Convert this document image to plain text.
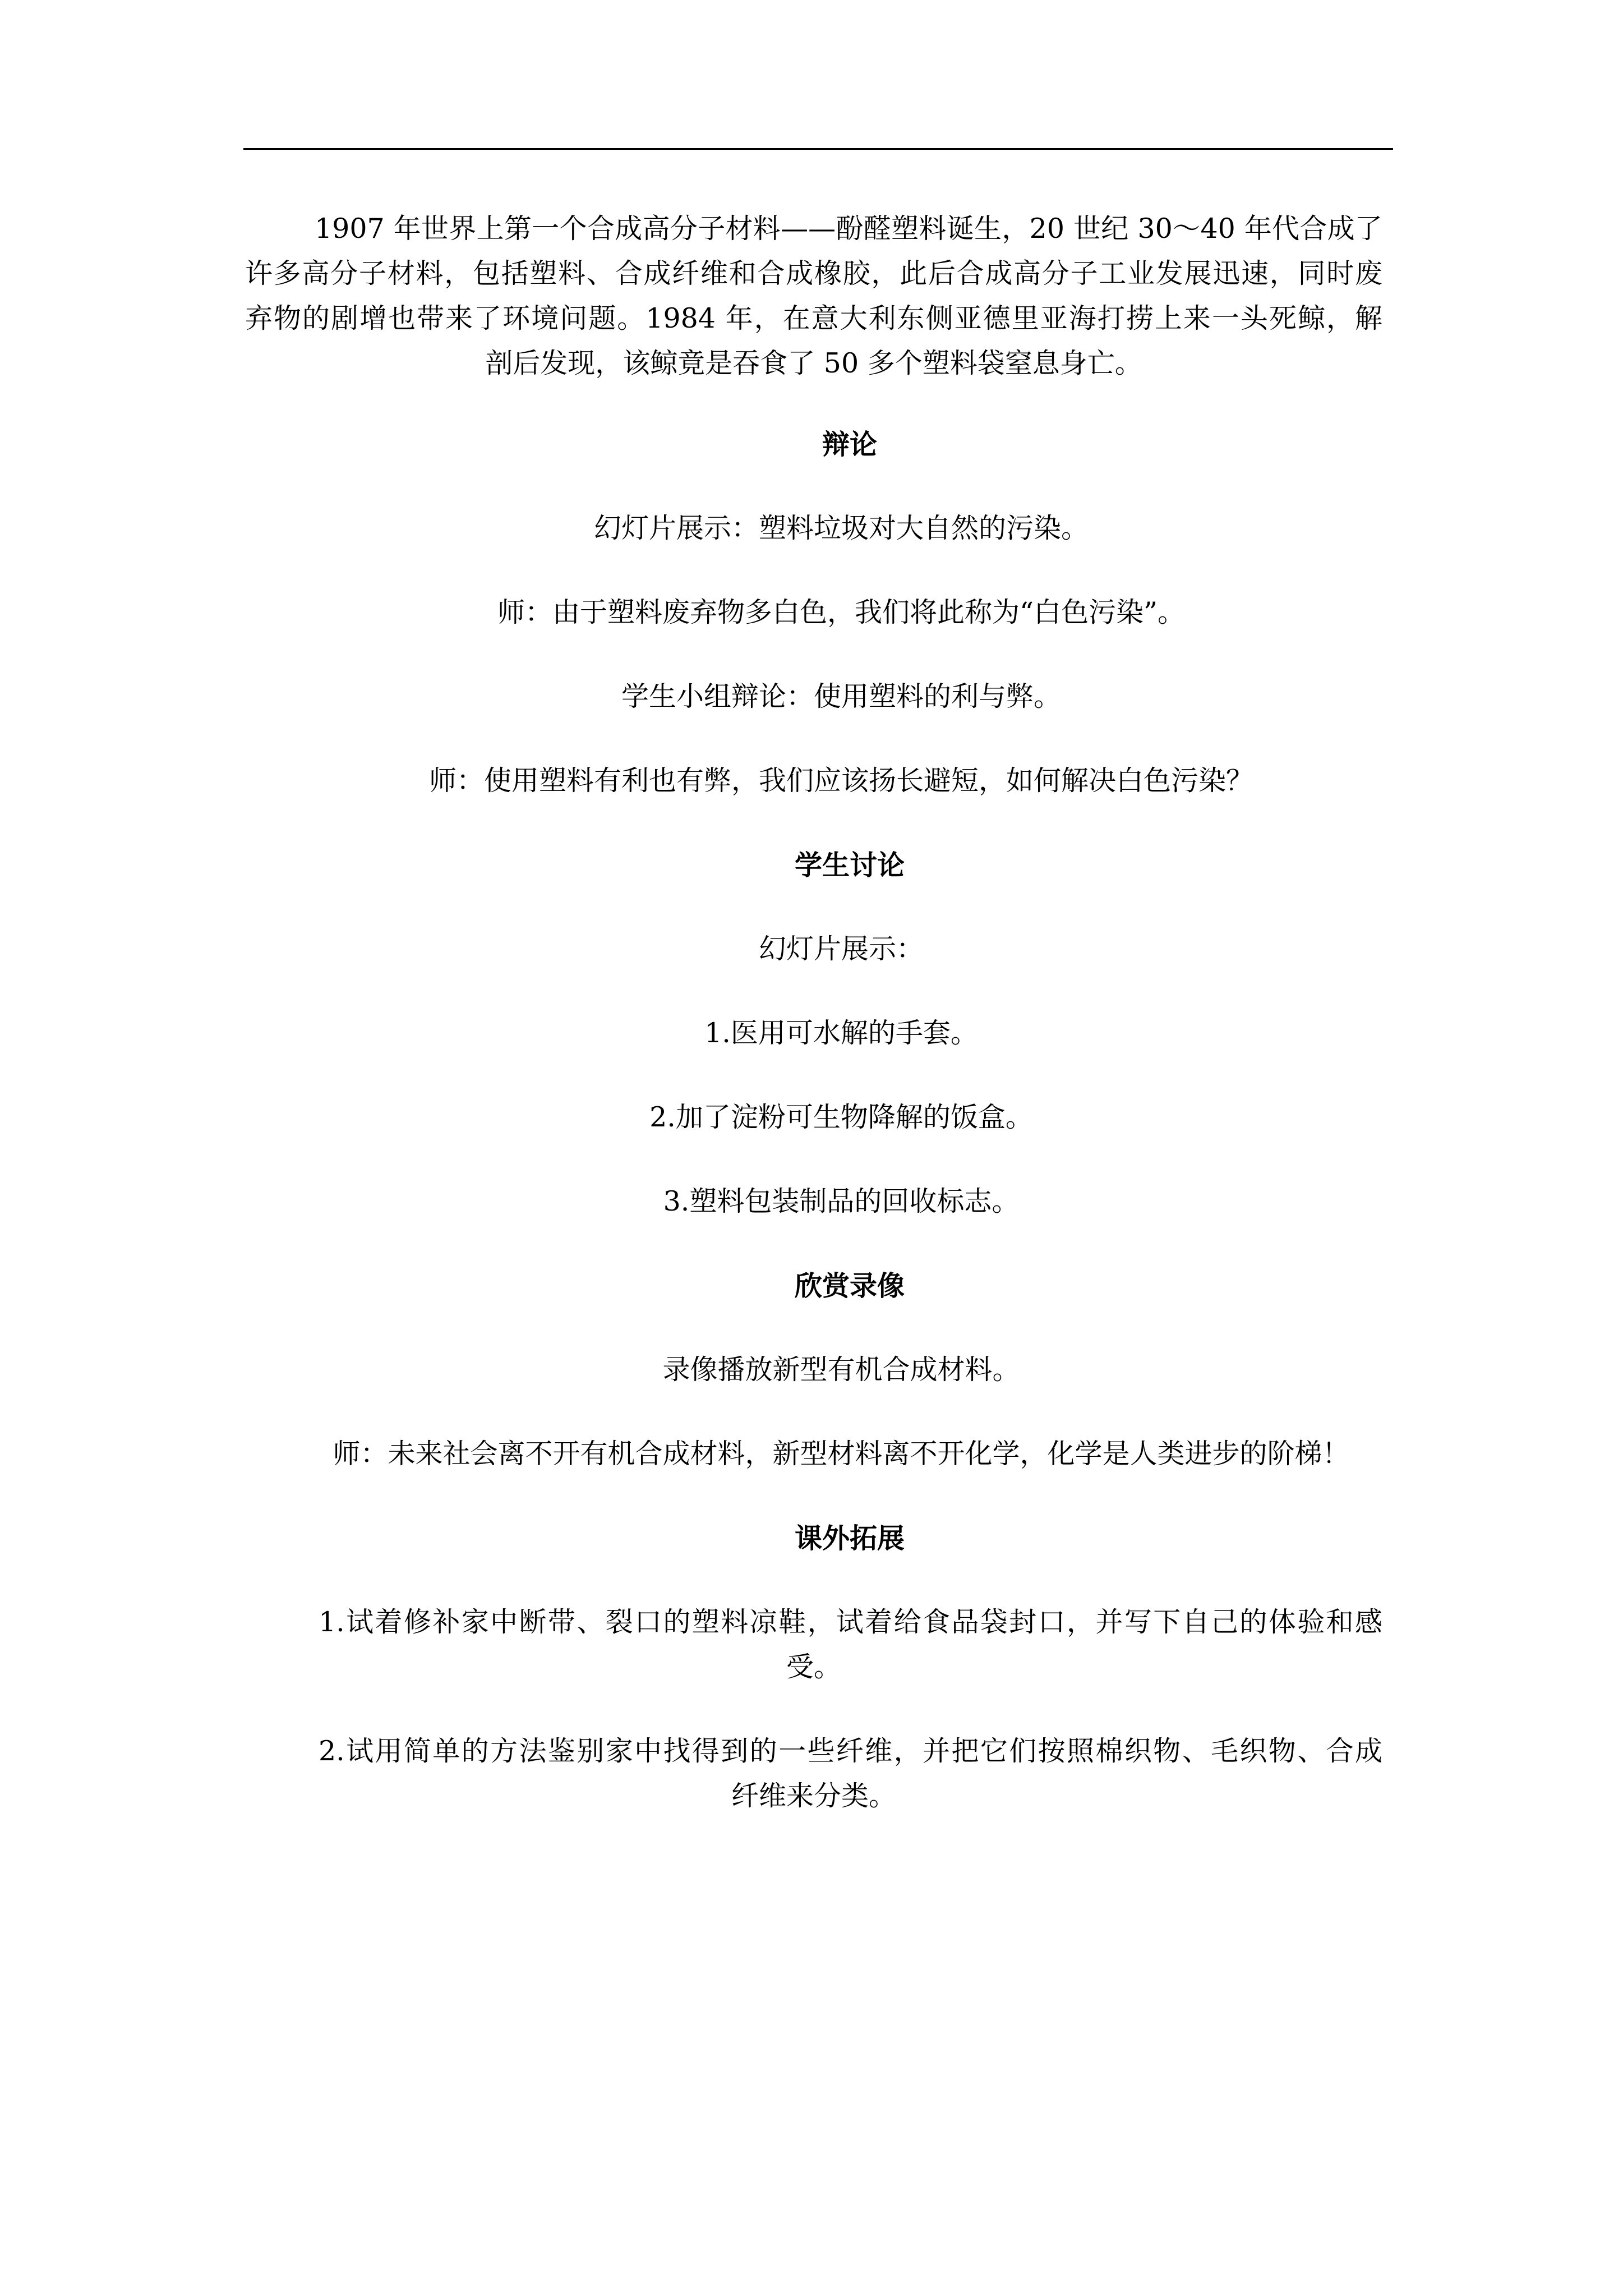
1907 年世界上第一个合成高分子材料——酚醛塑料诞生，20 世纪 30～40 年代合成了
许多高分子材料，包括塑料、合成纤维和合成橡胶，此后合成高分子工业发展迅速，同时废
弃物的剧增也带来了环境问题。1984 年，在意大利东侧亚德里亚海打捞上来一头死鲸，解
剖后发现，该鲸竟是吞食了 50 多个塑料袋窒息身亡。
辩论
幻灯片展示：塑料垃圾对大自然的污染。
师：由于塑料废弃物多白色，我们将此称为“白色污染”。
学生小组辩论：使用塑料的利与弊。
师：使用塑料有利也有弊，我们应该扬长避短，如何解决白色污染？
学生讨论
幻灯片展示：
1.医用可水解的手套。
2.加了淀粉可生物降解的饭盒。
3.塑料包装制品的回收标志。
欣赏录像
录像播放新型有机合成材料。
师：未来社会离不开有机合成材料，新型材料离不开化学，化学是人类进步的阶梯！
课外拓展
1.试着修补家中断带、裂口的塑料凉鞋，试着给食品袋封口，并写下自己的体验和感
受。
2.试用简单的方法鉴别家中找得到的一些纤维，并把它们按照棉织物、毛织物、合成
纤维来分类。
